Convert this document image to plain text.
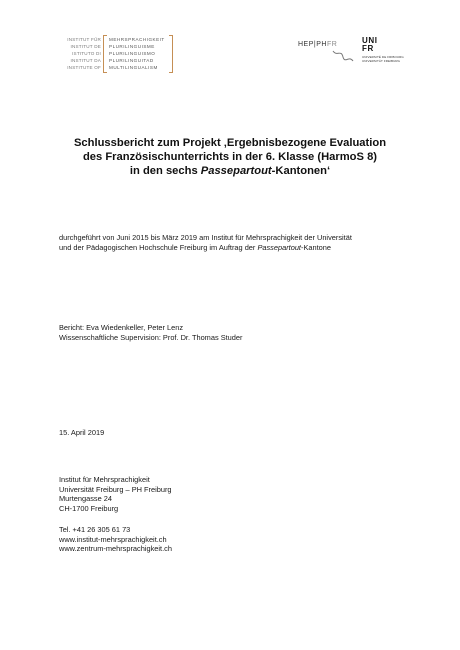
INSTITUT FÜR
INSTITUT DE
ISTITUTO DI
INSTITUT DA
INSTITUTE OF
MEHRSPRACHIGKEIT
PLURILINGUISME
PLURILINGUISMO
PLURILINGUITAD
MULTILINGUALISM
HEP|PHFR	UNI
FR
UNIVERSITÉ DE FRIBOURG
UNIVERSITÄT FREIBURG
Schlussbericht zum Projekt ‚Ergebnisbezogene Evaluation
des Französischunterrichts in der 6. Klasse (HarmoS 8)
in den sechs Passepartout-Kantonen‘
durchgeführt von Juni 2015 bis März 2019 am Institut für Mehrsprachigkeit der Universität
und der Pädagogischen Hochschule Freiburg im Auftrag der Passepartout-Kantone
Bericht: Eva Wiedenkeller, Peter Lenz
Wissenschaftliche Supervision: Prof. Dr. Thomas Studer
15. April 2019
Institut für Mehrsprachigkeit
Universität Freiburg – PH Freiburg
Murtengasse 24
CH-1700 Freiburg
Tel. +41 26 305 61 73
www.institut-mehrsprachigkeit.ch
www.zentrum-mehrsprachigkeit.ch
